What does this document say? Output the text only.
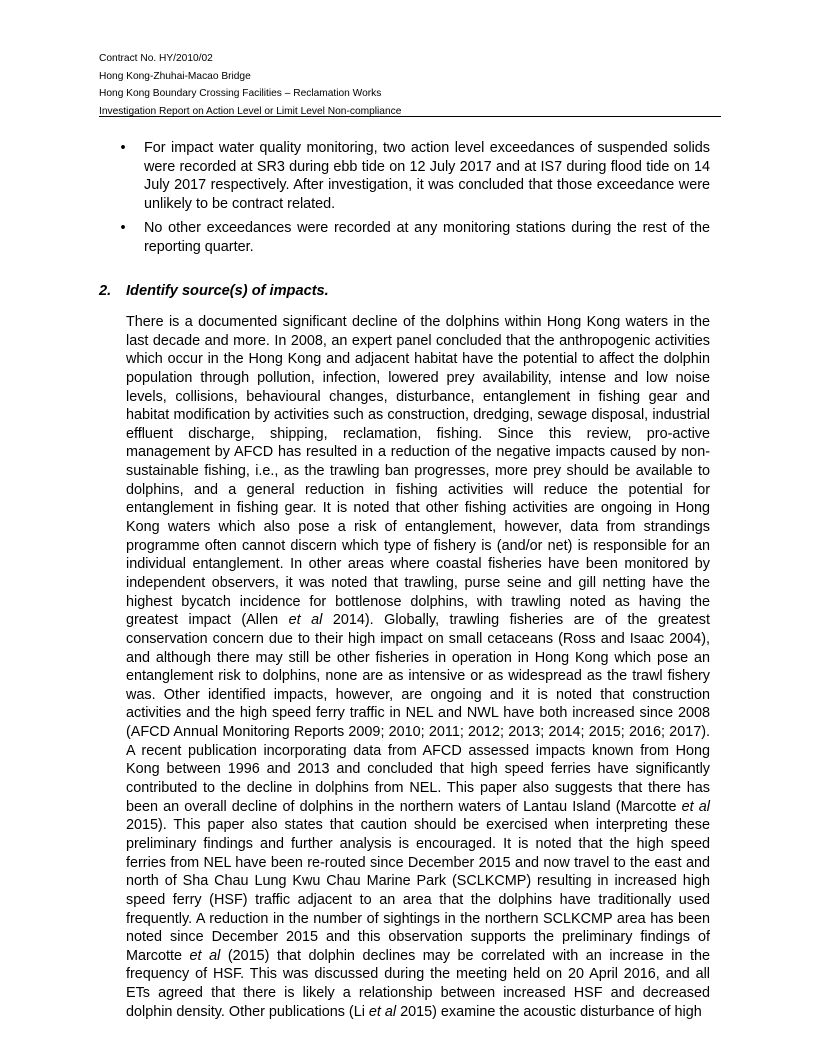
Contract No. HY/2010/02
Hong Kong-Zhuhai-Macao Bridge
Hong Kong Boundary Crossing Facilities – Reclamation Works
Investigation Report on Action Level or Limit Level Non-compliance
• For impact water quality monitoring, two action level exceedances of suspended solids were recorded at SR3 during ebb tide on 12 July 2017 and at IS7 during flood tide on 14 July 2017 respectively. After investigation, it was concluded that those exceedance were unlikely to be contract related.
• No other exceedances were recorded at any monitoring stations during the rest of the reporting quarter.
2. Identify source(s) of impacts.
There is a documented significant decline of the dolphins within Hong Kong waters in the
last decade and more. In 2008, an expert panel concluded that the anthropogenic activities
which occur in the Hong Kong and adjacent habitat have the potential to affect the dolphin
population through pollution, infection, lowered prey availability, intense and low noise
levels, collisions, behavioural changes, disturbance, entanglement in fishing gear and
habitat modification by activities such as construction, dredging, sewage disposal, industrial
effluent discharge, shipping, reclamation, fishing. Since this review, pro-active
management by AFCD has resulted in a reduction of the negative impacts caused by non-
sustainable fishing, i.e., as the trawling ban progresses, more prey should be available to
dolphins, and a general reduction in fishing activities will reduce the potential for
entanglement in fishing gear. It is noted that other fishing activities are ongoing in Hong
Kong waters which also pose a risk of entanglement, however, data from strandings
programme often cannot discern which type of fishery is (and/or net) is responsible for an
individual entanglement. In other areas where coastal fisheries have been monitored by
independent observers, it was noted that trawling, purse seine and gill netting have the
highest bycatch incidence for bottlenose dolphins, with trawling noted as having the
greatest impact (Allen et al 2014). Globally, trawling fisheries are of the greatest
conservation concern due to their high impact on small cetaceans (Ross and Isaac 2004),
and although there may still be other fisheries in operation in Hong Kong which pose an
entanglement risk to dolphins, none are as intensive or as widespread as the trawl fishery
was. Other identified impacts, however, are ongoing and it is noted that construction
activities and the high speed ferry traffic in NEL and NWL have both increased since 2008
(AFCD Annual Monitoring Reports 2009; 2010; 2011; 2012; 2013; 2014; 2015; 2016; 2017).
A recent publication incorporating data from AFCD assessed impacts known from Hong
Kong between 1996 and 2013 and concluded that high speed ferries have significantly
contributed to the decline in dolphins from NEL. This paper also suggests that there has
been an overall decline of dolphins in the northern waters of Lantau Island (Marcotte et al
2015). This paper also states that caution should be exercised when interpreting these
preliminary findings and further analysis is encouraged. It is noted that the high speed
ferries from NEL have been re-routed since December 2015 and now travel to the east and
north of Sha Chau Lung Kwu Chau Marine Park (SCLKCMP) resulting in increased high
speed ferry (HSF) traffic adjacent to an area that the dolphins have traditionally used
frequently. A reduction in the number of sightings in the northern SCLKCMP area has been
noted since December 2015 and this observation supports the preliminary findings of
Marcotte et al (2015) that dolphin declines may be correlated with an increase in the
frequency of HSF. This was discussed during the meeting held on 20 April 2016, and all
ETs agreed that there is likely a relationship between increased HSF and decreased
dolphin density. Other publications (Li et al 2015) examine the acoustic disturbance of high
